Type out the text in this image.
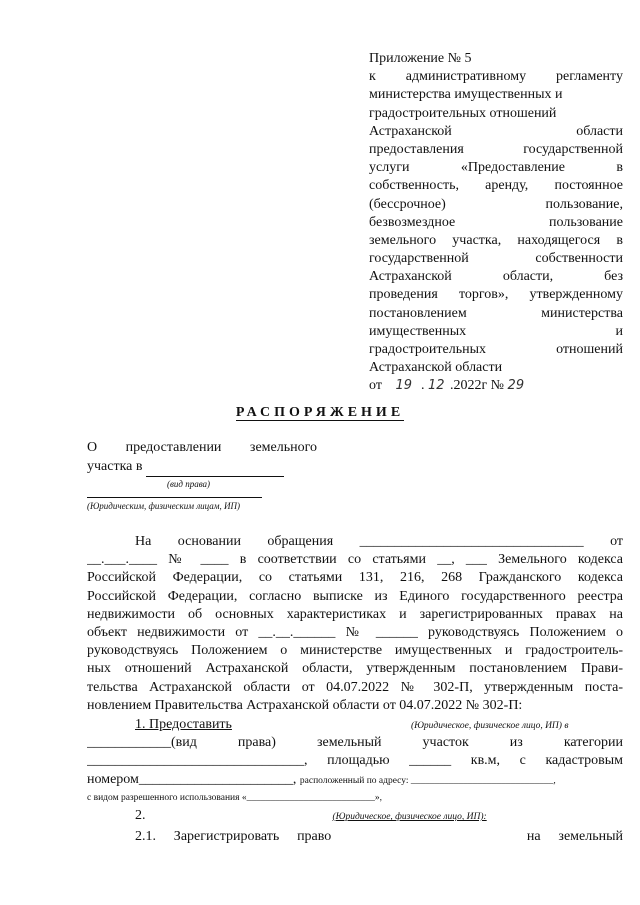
Приложение № 5
к административному регламенту
министерства имущественных и
градостроительных отношений
Астраханской области
предоставления государственной
услуги «Предоставление в
собственность, аренду, постоянное
(бессрочное) пользование,
безвозмездное пользование
земельного участка, находящегося в
государственной собственности
Астраханской области, без
проведения торгов», утвержденному
постановлением министерства
имущественных и
градостроительных отношений
Астраханской области
от 19 . 12 .2022г № 29
РАСПОРЯЖЕНИЕ
О предоставлении земельного
участка в
(вид права)
(Юридическим, физическим лицам, ИП)
На основании обращения ________________________________ от
__.___.____ № ____ в соответствии со статьями __, ___ Земельного кодекса
Российской Федерации, со статьями 131, 216, 268 Гражданского кодекса
Российской Федерации, согласно выписке из Единого государственного реестра
недвижимости об основных характеристиках и зарегистрированных правах на
объект недвижимости от __.__.______ № ______ руководствуясь Положением о
руководствуясь Положением о министерстве имущественных и градостроитель-
ных отношений Астраханской области, утвержденным постановлением Прави-
тельства Астраханской области от 04.07.2022 № 302-П, утвержденным поста-
новлением Правительства Астраханской области от 04.07.2022 № 302-П:
1. Предоставить	(Юридическое, физическое лицо, ИП) в
____________(вид права) земельный участок из категории
_______________________________, площадью ______ кв.м, с кадастровым
номером______________________, расположенный по адресу: ______________________________,
с видом разрешенного использования «___________________________»,
2.	(Юридическое, физическое лицо, ИП):
2.1. Зарегистрировать право	на земельный
